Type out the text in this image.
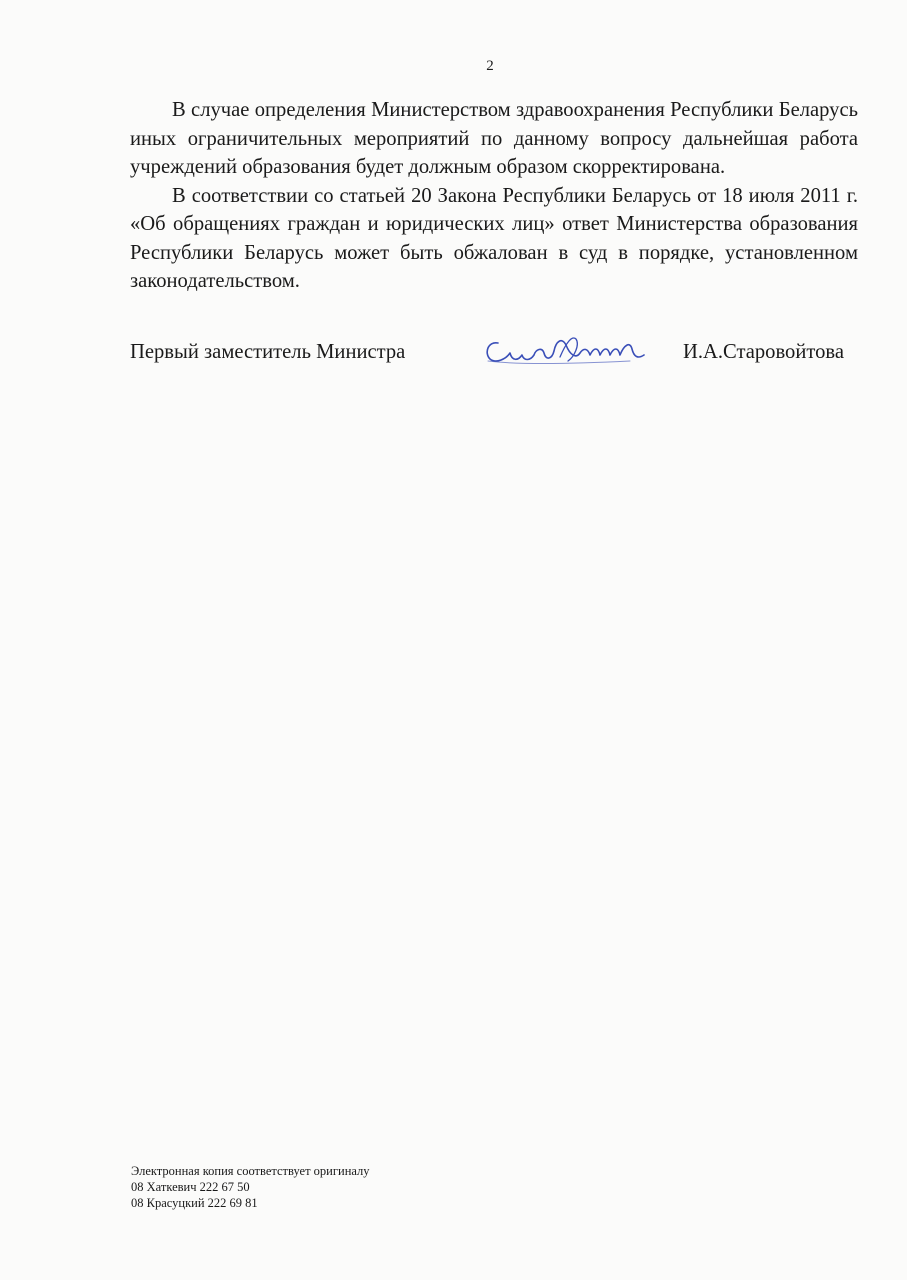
2

В случае определения Министерством здравоохранения Республики Беларусь иных ограничительных мероприятий по данному вопросу дальнейшая работа учреждений образования будет должным образом скорректирована.

В соответствии со статьей 20 Закона Республики Беларусь от 18 июля 2011 г. «Об обращениях граждан и юридических лиц» ответ Министерства образования Республики Беларусь может быть обжалован в суд в порядке, установленном законодательством.

Первый заместитель Министра	И.А.Старовойтова
Электронная копия соответствует оригиналу
08 Хаткевич 222 67 50
08 Красуцкий 222 69 81
